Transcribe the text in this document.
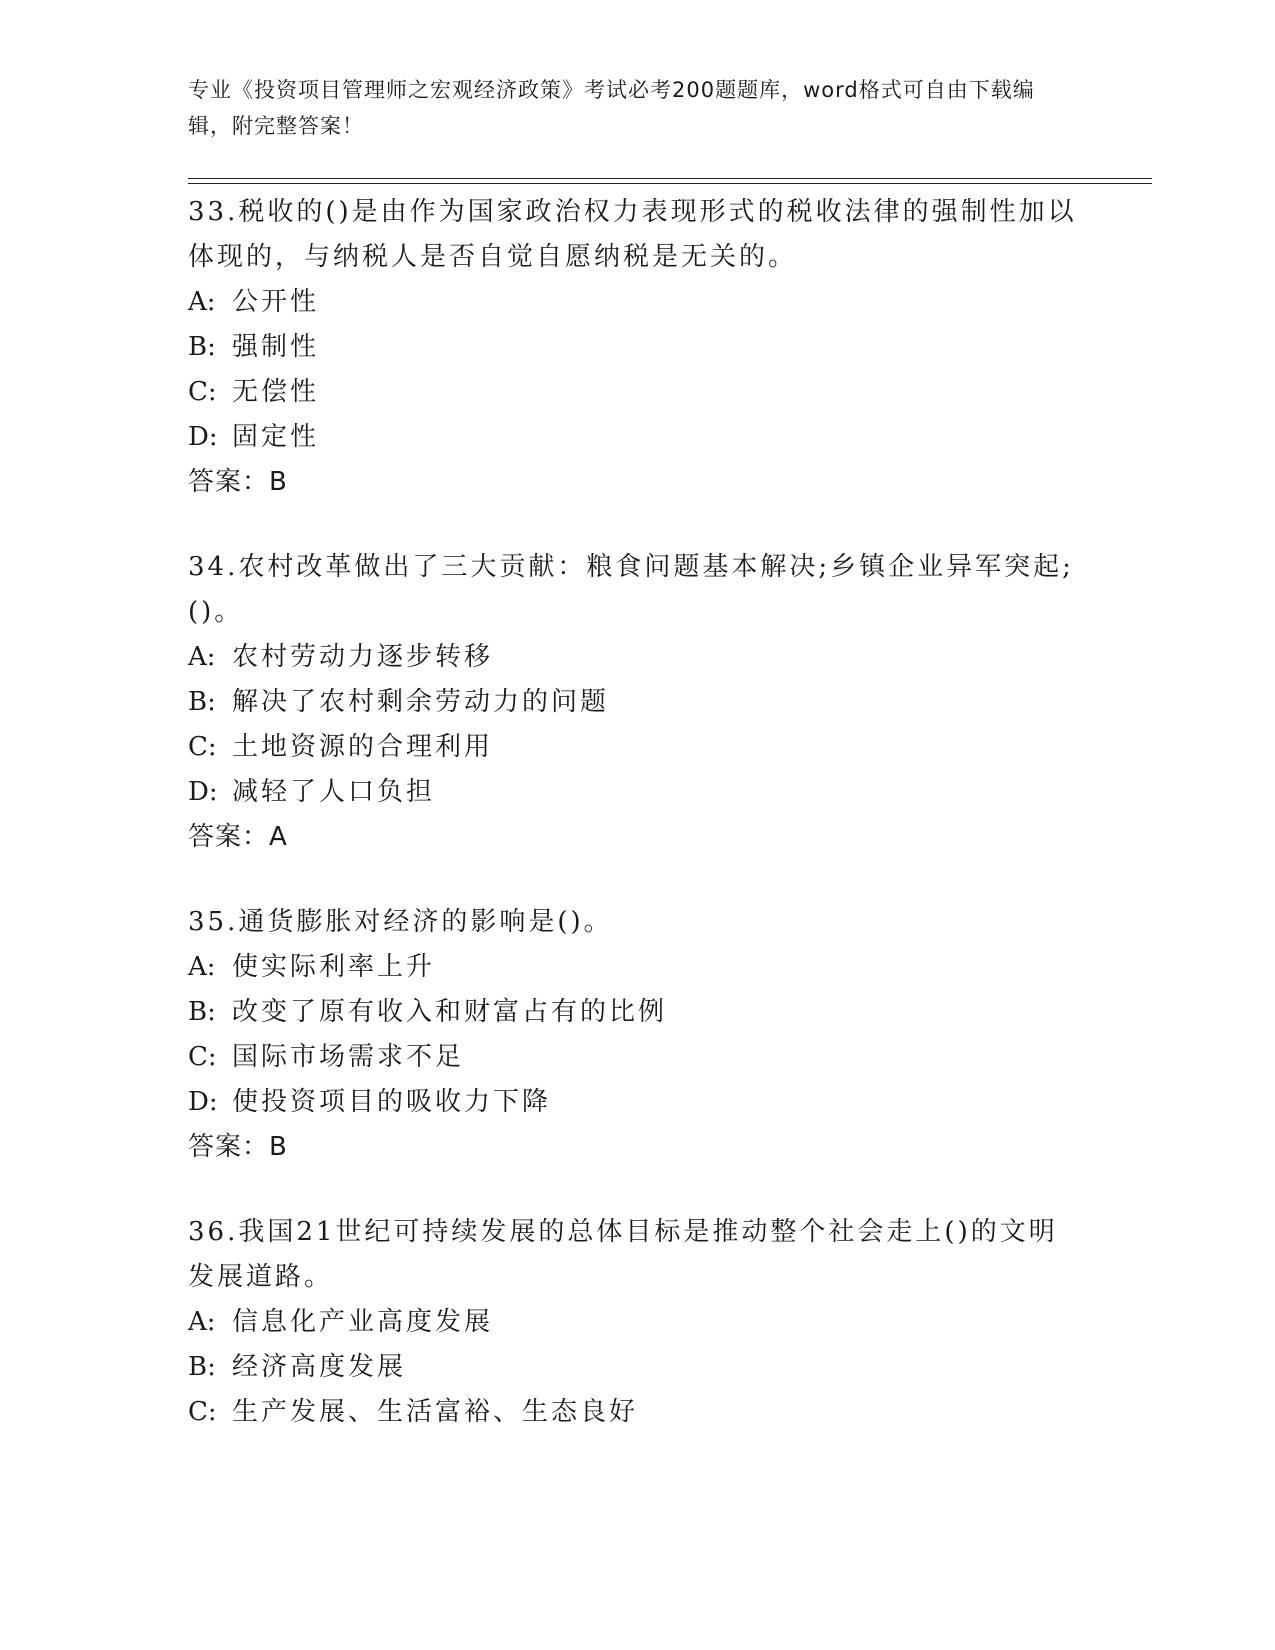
专业《投资项目管理师之宏观经济政策》考试必考200题题库，word格式可自由下载编辑，附完整答案！

33.税收的()是由作为国家政治权力表现形式的税收法律的强制性加以体现的，与纳税人是否自觉自愿纳税是无关的。

A: 公开性

B: 强制性

C: 无偿性

D: 固定性

答案：B

34.农村改革做出了三大贡献：粮食问题基本解决;乡镇企业异军突起;()。

A: 农村劳动力逐步转移

B: 解决了农村剩余劳动力的问题

C: 土地资源的合理利用

D: 减轻了人口负担

答案：A

35.通货膨胀对经济的影响是()。

A: 使实际利率上升

B: 改变了原有收入和财富占有的比例

C: 国际市场需求不足

D: 使投资项目的吸收力下降

答案：B

36.我国21世纪可持续发展的总体目标是推动整个社会走上()的文明发展道路。

A: 信息化产业高度发展

B: 经济高度发展

C: 生产发展、生活富裕、生态良好
